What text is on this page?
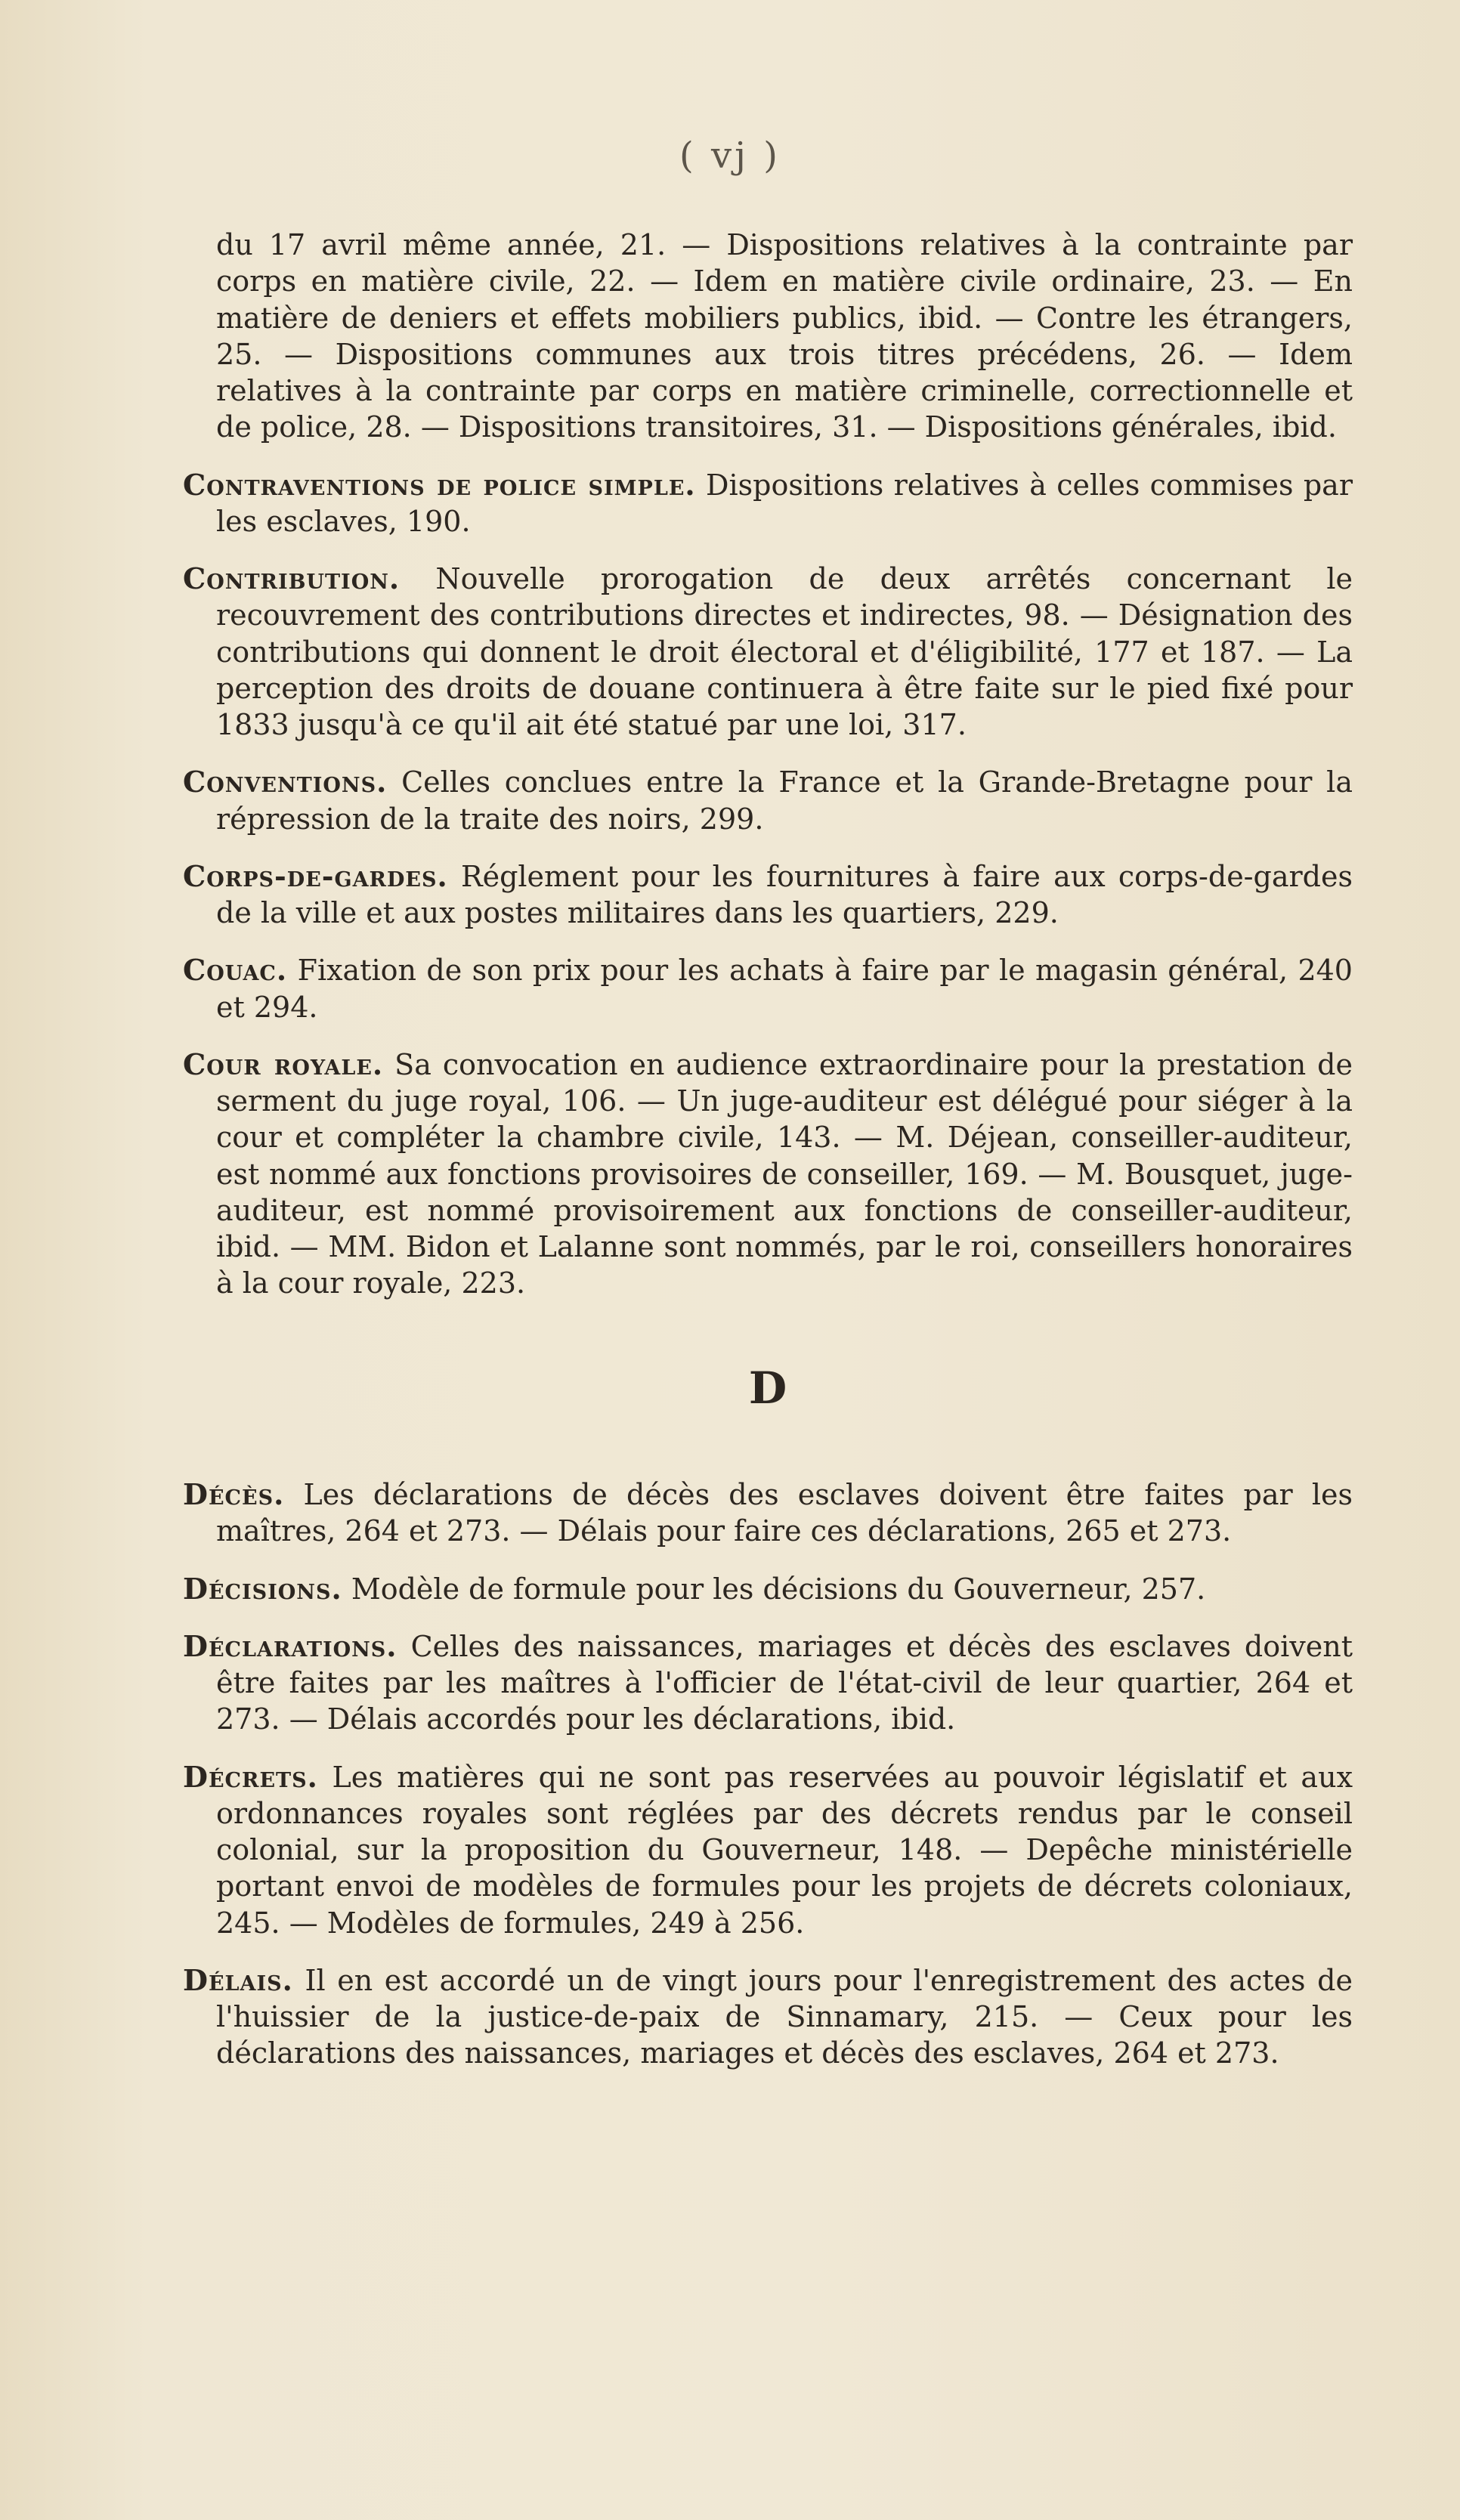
( vj )

du 17 avril même année, 21. — Dispositions relatives à la contrainte par corps en matière civile, 22. — Idem en matière civile ordinaire, 23. — En matière de deniers et effets mobiliers publics, ibid. — Contre les étrangers, 25. — Dispositions communes aux trois titres précédens, 26. — Idem relatives à la contrainte par corps en matière criminelle, correctionnelle et de police, 28. — Dispositions transitoires, 31. — Dispositions générales, ibid.

Contraventions de police simple. Dispositions relatives à celles commises par les esclaves, 190.

Contribution. Nouvelle prorogation de deux arrêtés concernant le recouvrement des contributions directes et indirectes, 98. — Désignation des contributions qui donnent le droit électoral et d'éligibilité, 177 et 187. — La perception des droits de douane continuera à être faite sur le pied fixé pour 1833 jusqu'à ce qu'il ait été statué par une loi, 317.

Conventions. Celles conclues entre la France et la Grande-Bretagne pour la répression de la traite des noirs, 299.

Corps-de-gardes. Réglement pour les fournitures à faire aux corps-de-gardes de la ville et aux postes militaires dans les quartiers, 229.

Couac. Fixation de son prix pour les achats à faire par le magasin général, 240 et 294.

Cour royale. Sa convocation en audience extraordinaire pour la prestation de serment du juge royal, 106. — Un juge-auditeur est délégué pour siéger à la cour et compléter la chambre civile, 143. — M. Déjean, conseiller-auditeur, est nommé aux fonctions provisoires de conseiller, 169. — M. Bousquet, juge-auditeur, est nommé provisoirement aux fonctions de conseiller-auditeur, ibid. — MM. Bidon et Lalanne sont nommés, par le roi, conseillers honoraires à la cour royale, 223.

D

Décès. Les déclarations de décès des esclaves doivent être faites par les maîtres, 264 et 273. — Délais pour faire ces déclarations, 265 et 273.

Décisions. Modèle de formule pour les décisions du Gouverneur, 257.

Déclarations. Celles des naissances, mariages et décès des esclaves doivent être faites par les maîtres à l'officier de l'état-civil de leur quartier, 264 et 273. — Délais accordés pour les déclarations, ibid.

Décrets. Les matières qui ne sont pas reservées au pouvoir législatif et aux ordonnances royales sont réglées par des décrets rendus par le conseil colonial, sur la proposition du Gouverneur, 148. — Depêche ministérielle portant envoi de modèles de formules pour les projets de décrets coloniaux, 245. — Modèles de formules, 249 à 256.

Délais. Il en est accordé un de vingt jours pour l'enregistrement des actes de l'huissier de la justice-de-paix de Sinnamary, 215. — Ceux pour les déclarations des naissances, mariages et décès des esclaves, 264 et 273.
